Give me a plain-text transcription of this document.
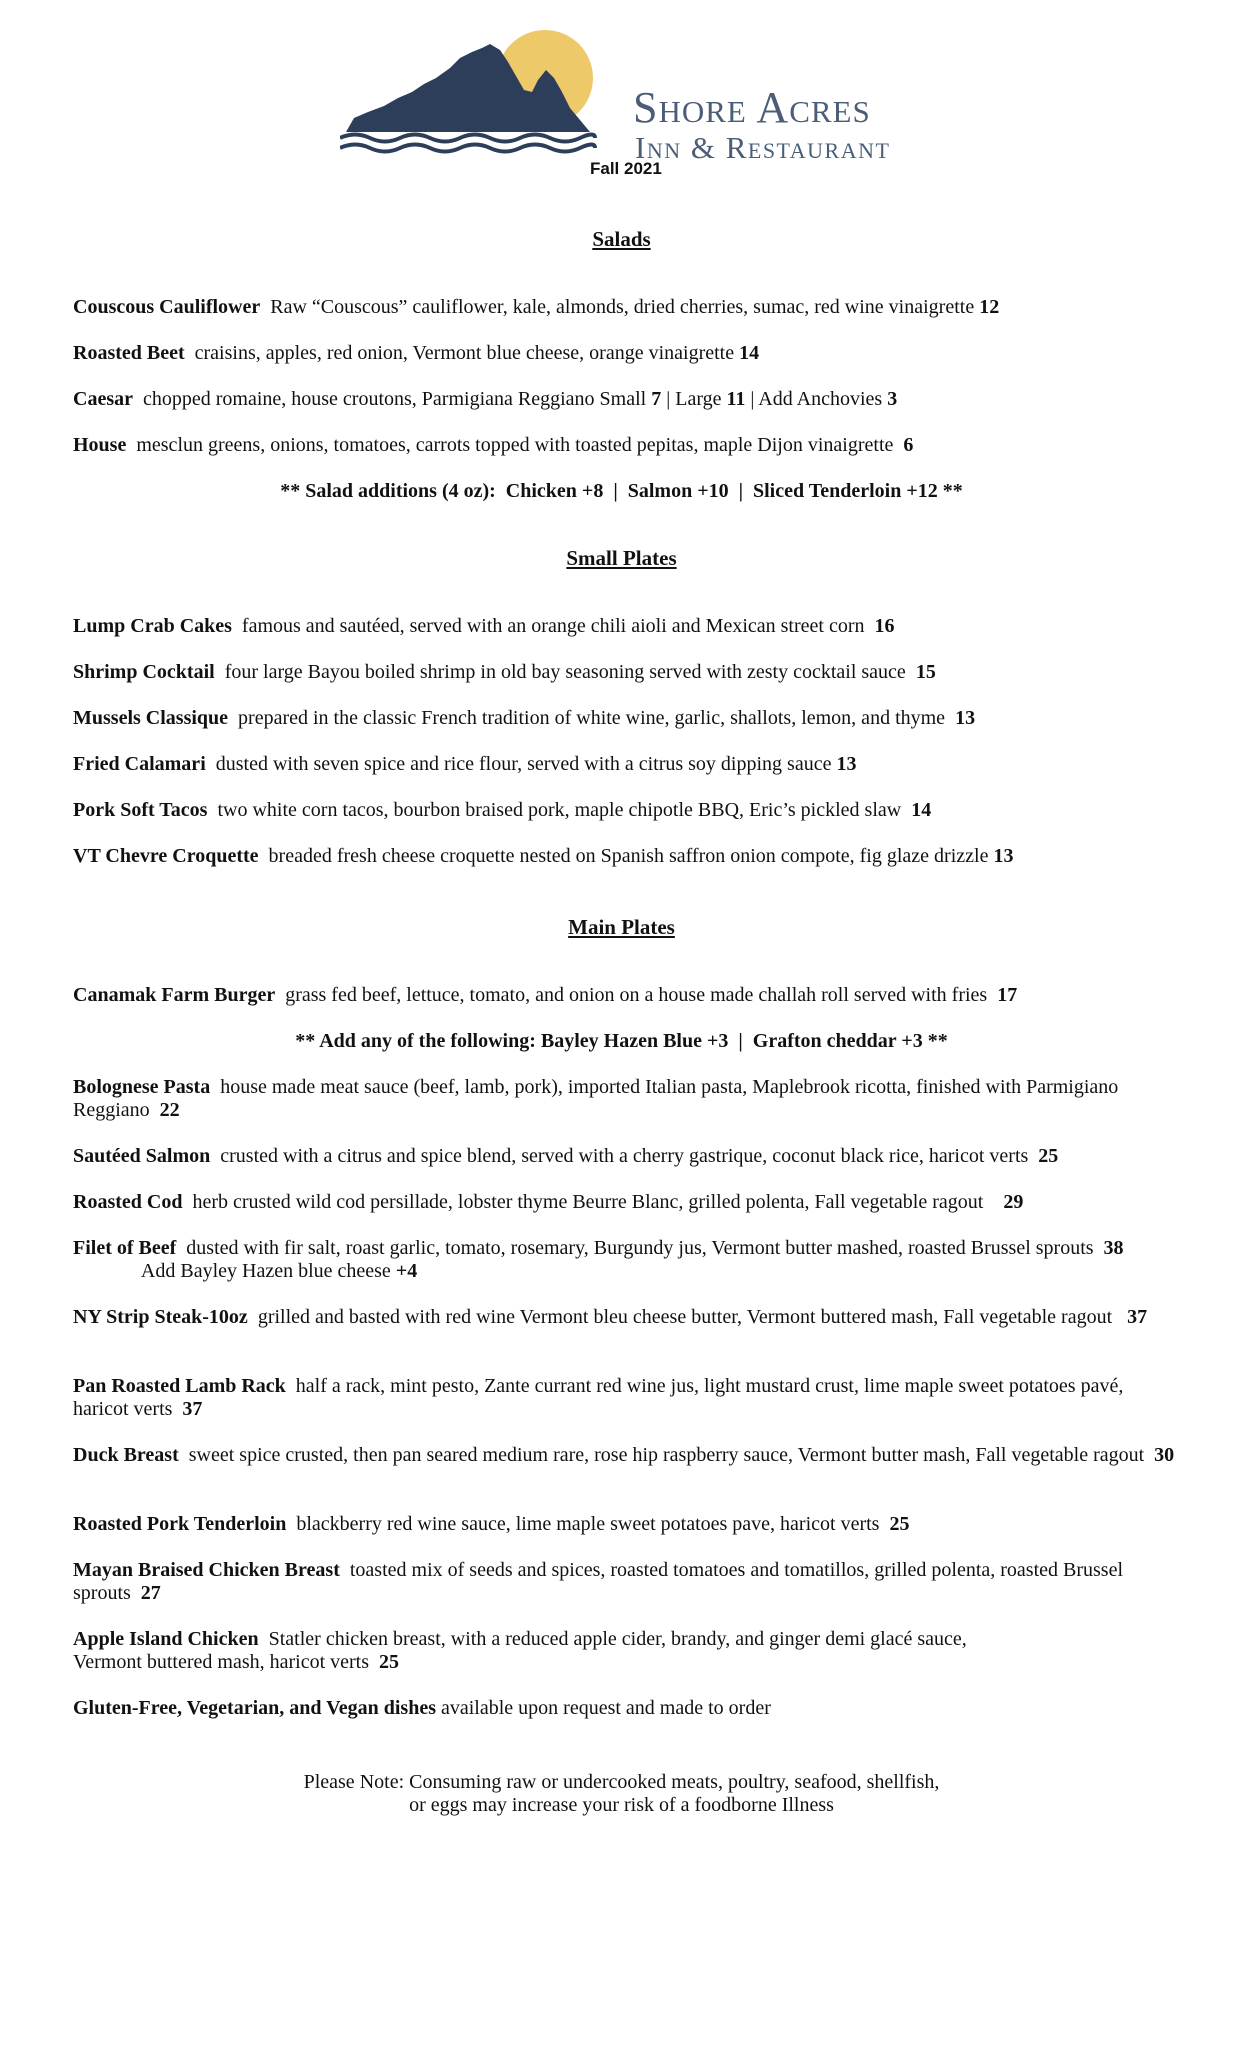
Shore Acres
Inn & Restaurant
Fall 2021
Salads
Couscous Cauliflower Raw “Couscous” cauliflower, kale, almonds, dried cherries, sumac, red wine vinaigrette 12
Roasted Beet craisins, apples, red onion, Vermont blue cheese, orange vinaigrette 14
Caesar chopped romaine, house croutons, Parmigiana Reggiano Small 7 | Large 11 | Add Anchovies 3
House mesclun greens, onions, tomatoes, carrots topped with toasted pepitas, maple Dijon vinaigrette 6
** Salad additions (4 oz):  Chicken +8  |  Salmon +10  |  Sliced Tenderloin +12 **
Small Plates
Lump Crab Cakes famous and sautéed, served with an orange chili aioli and Mexican street corn 16
Shrimp Cocktail four large Bayou boiled shrimp in old bay seasoning served with zesty cocktail sauce 15
Mussels Classique prepared in the classic French tradition of white wine, garlic, shallots, lemon, and thyme 13
Fried Calamari dusted with seven spice and rice flour, served with a citrus soy dipping sauce 13
Pork Soft Tacos two white corn tacos, bourbon braised pork, maple chipotle BBQ, Eric’s pickled slaw 14
VT Chevre Croquette breaded fresh cheese croquette nested on Spanish saffron onion compote, fig glaze drizzle 13
Main Plates
Canamak Farm Burger grass fed beef, lettuce, tomato, and onion on a house made challah roll served with fries 17
** Add any of the following: Bayley Hazen Blue +3  |  Grafton cheddar +3 **
Bolognese Pasta house made meat sauce (beef, lamb, pork), imported Italian pasta, Maplebrook ricotta, finished with Parmigiano Reggiano 22
Sautéed Salmon crusted with a citrus and spice blend, served with a cherry gastrique, coconut black rice, haricot verts 25
Roasted Cod herb crusted wild cod persillade, lobster thyme Beurre Blanc, grilled polenta, Fall vegetable ragout 29
Filet of Beef dusted with fir salt, roast garlic, tomato, rosemary, Burgundy jus, Vermont butter mashed, roasted Brussel sprouts 38  Add Bayley Hazen blue cheese +4
NY Strip Steak-10oz grilled and basted with red wine Vermont bleu cheese butter, Vermont buttered mash, Fall vegetable ragout 37
Pan Roasted Lamb Rack half a rack, mint pesto, Zante currant red wine jus, light mustard crust, lime maple sweet potatoes pavé, haricot verts 37
Duck Breast sweet spice crusted, then pan seared medium rare, rose hip raspberry sauce, Vermont butter mash, Fall vegetable ragout 30
Roasted Pork Tenderloin blackberry red wine sauce, lime maple sweet potatoes pave, haricot verts 25
Mayan Braised Chicken Breast toasted mix of seeds and spices, roasted tomatoes and tomatillos, grilled polenta, roasted Brussel sprouts 27
Apple Island Chicken Statler chicken breast, with a reduced apple cider, brandy, and ginger demi glacé sauce,
Vermont buttered mash, haricot verts 25
Gluten-Free, Vegetarian, and Vegan dishes available upon request and made to order
Please Note: Consuming raw or undercooked meats, poultry, seafood, shellfish,
or eggs may increase your risk of a foodborne Illness
